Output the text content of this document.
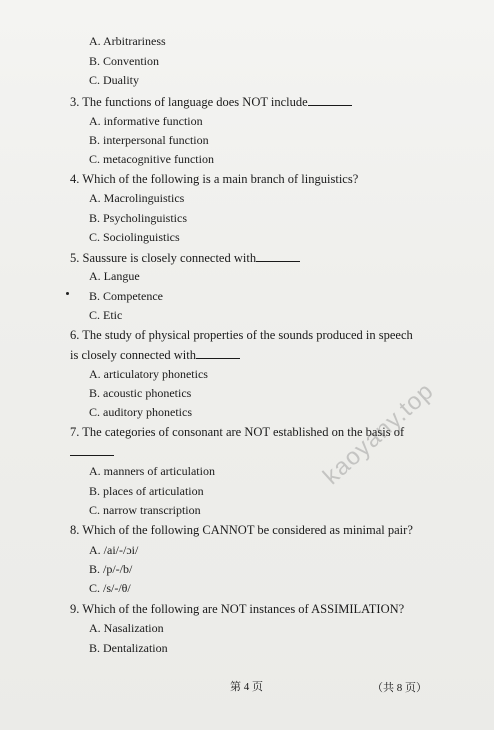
A. Arbitrariness
B. Convention
C. Duality
3. The functions of language does NOT include
A. informative function
B. interpersonal function
C. metacognitive function
4. Which of the following is a main branch of linguistics?
A. Macrolinguistics
B. Psycholinguistics
C. Sociolinguistics
5. Saussure is closely connected with
A. Langue
B. Competence
C. Etic
6. The study of physical properties of the sounds produced in speech
is closely connected with
A. articulatory phonetics
B. acoustic phonetics
C. auditory phonetics
7. The categories of consonant are NOT established on the basis of
A. manners of articulation
B. places of articulation
C. narrow transcription
8. Which of the following CANNOT be considered as minimal pair?
A. /ai/-/ɔi/
B. /p/-/b/
C. /s/-/θ/
9. Which of the following are NOT instances of ASSIMILATION?
A. Nasalization
B. Dentalization
第 4 页	（共 8 页）
kaoyany.top
